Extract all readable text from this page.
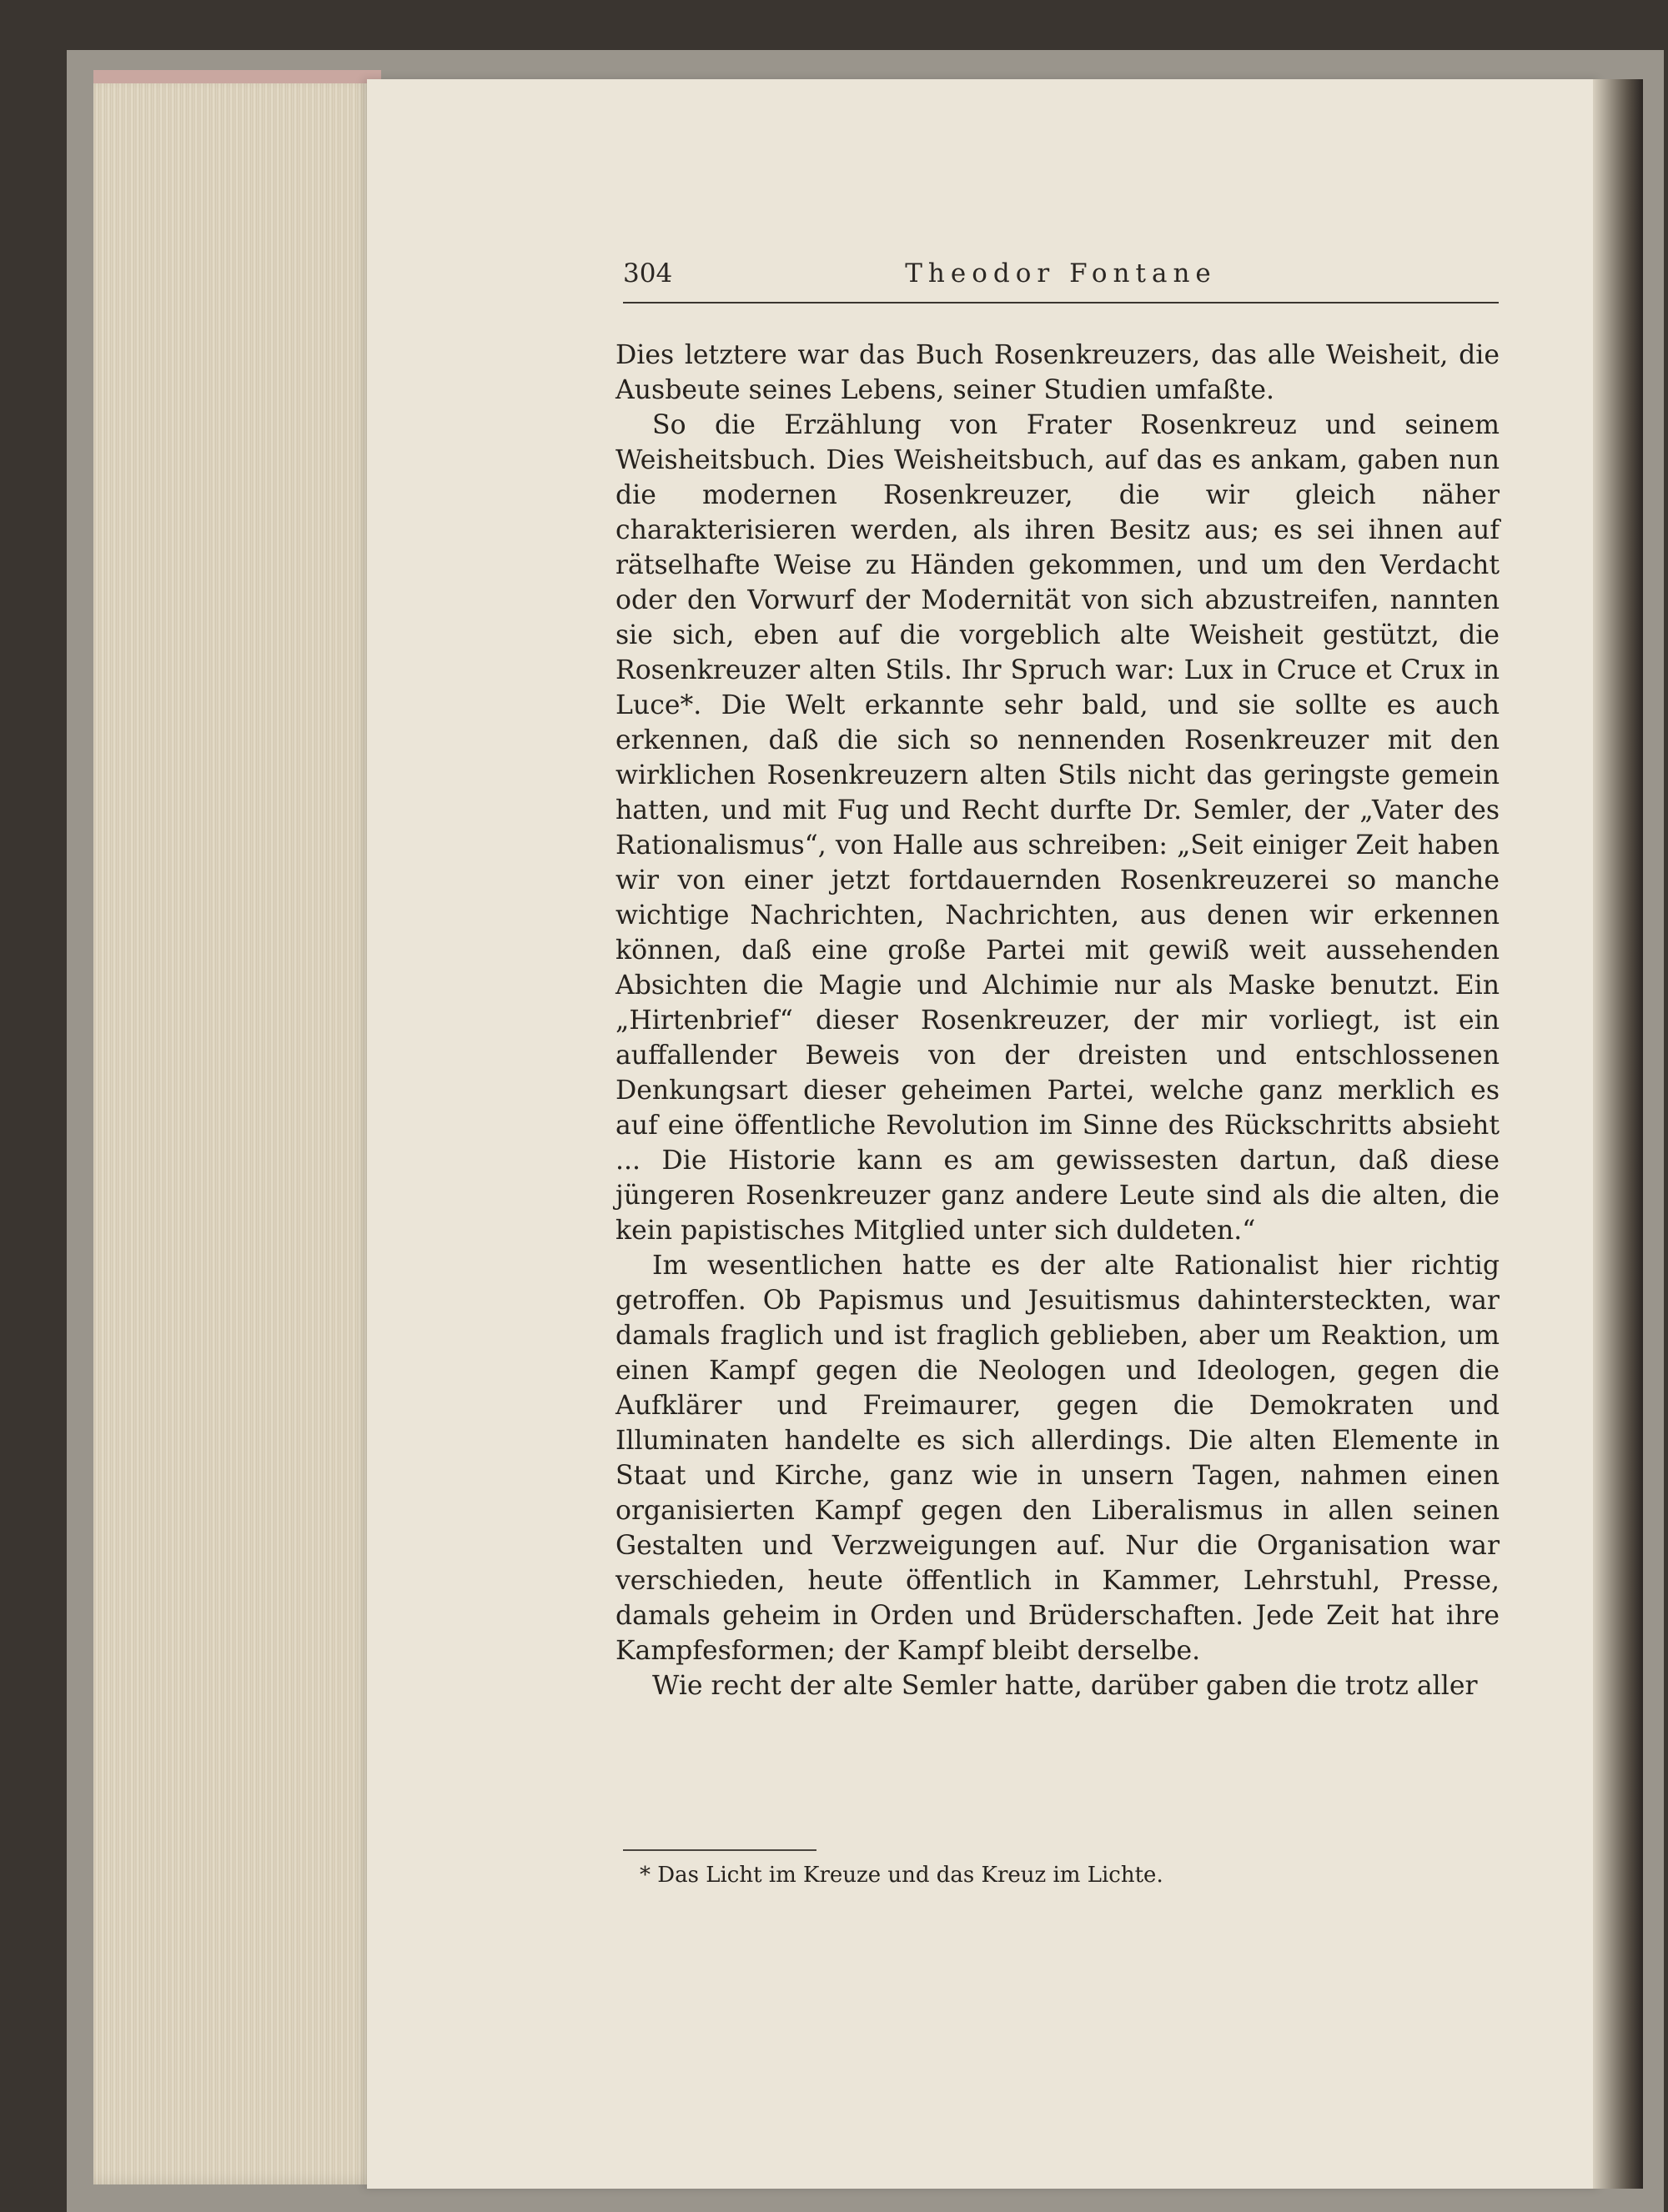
304	Theodor Fontane

Dies letztere war das Buch Rosenkreuzers, das alle Weisheit, die Ausbeute seines Lebens, seiner Studien umfaßte.

So die Erzählung von Frater Rosenkreuz und seinem Weisheitsbuch. Dies Weisheitsbuch, auf das es ankam, gaben nun die modernen Rosenkreuzer, die wir gleich näher charakterisieren werden, als ihren Besitz aus; es sei ihnen auf rätselhafte Weise zu Händen gekommen, und um den Verdacht oder den Vorwurf der Modernität von sich abzustreifen, nannten sie sich, eben auf die vorgeblich alte Weisheit gestützt, die Rosenkreuzer alten Stils. Ihr Spruch war: Lux in Cruce et Crux in Luce*. Die Welt erkannte sehr bald, und sie sollte es auch erkennen, daß die sich so nennenden Rosenkreuzer mit den wirklichen Rosenkreuzern alten Stils nicht das geringste gemein hatten, und mit Fug und Recht durfte Dr. Semler, der „Vater des Rationalismus“, von Halle aus schreiben: „Seit einiger Zeit haben wir von einer jetzt fortdauernden Rosenkreuzerei so manche wichtige Nachrichten, Nachrichten, aus denen wir erkennen können, daß eine große Partei mit gewiß weit aussehenden Absichten die Magie und Alchimie nur als Maske benutzt. Ein „Hirtenbrief“ dieser Rosenkreuzer, der mir vorliegt, ist ein auffallender Beweis von der dreisten und entschlossenen Denkungsart dieser geheimen Partei, welche ganz merklich es auf eine öffentliche Revolution im Sinne des Rückschritts absieht ... Die Historie kann es am gewissesten dartun, daß diese jüngeren Rosenkreuzer ganz andere Leute sind als die alten, die kein papistisches Mitglied unter sich duldeten.“

Im wesentlichen hatte es der alte Rationalist hier richtig getroffen. Ob Papismus und Jesuitismus dahintersteckten, war damals fraglich und ist fraglich geblieben, aber um Reaktion, um einen Kampf gegen die Neologen und Ideologen, gegen die Aufklärer und Freimaurer, gegen die Demokraten und Illuminaten handelte es sich allerdings. Die alten Elemente in Staat und Kirche, ganz wie in unsern Tagen, nahmen einen organisierten Kampf gegen den Liberalismus in allen seinen Gestalten und Verzweigungen auf. Nur die Organisation war verschieden, heute öffentlich in Kammer, Lehrstuhl, Presse, damals geheim in Orden und Brüderschaften. Jede Zeit hat ihre Kampfesformen; der Kampf bleibt derselbe.

Wie recht der alte Semler hatte, darüber gaben die trotz aller

* Das Licht im Kreuze und das Kreuz im Lichte.
